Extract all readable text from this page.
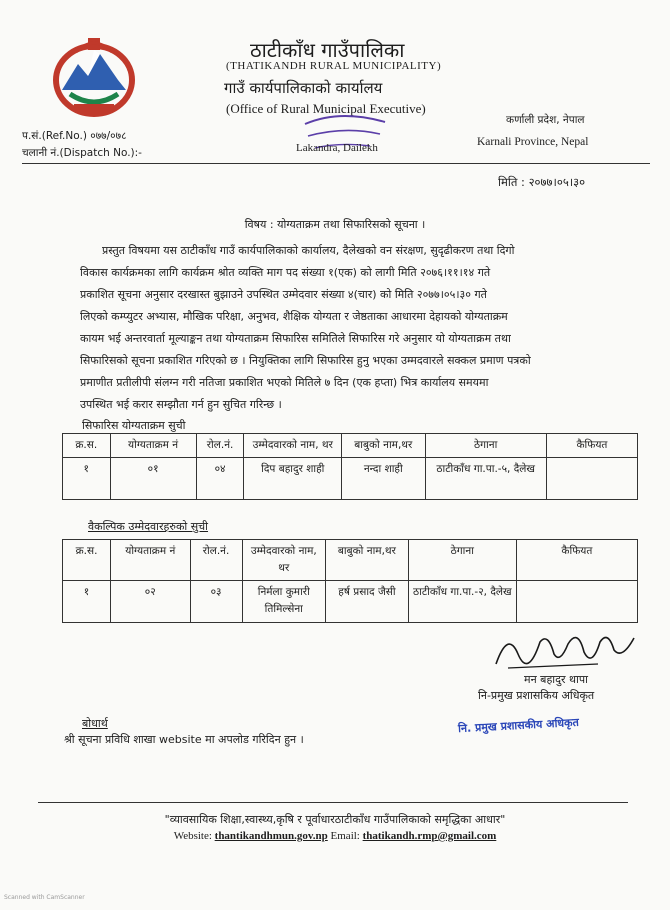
ठाटीकाँध गाउँपालिका
(THATIKANDH RURAL MUNICIPALITY)
गाउँ कार्यपालिकाको कार्यालय
(Office of Rural Municipal Executive)
Lakandra, Dailekh
कर्णाली प्रदेश, नेपाल
Karnali Province, Nepal
प.सं.(Ref.No.) ०७७/०७८
चलानी नं.(Dispatch No.):-
मिति : २०७७।०५।३०
विषय : योग्यताक्रम तथा सिफारिसको सूचना ।
प्रस्तुत विषयमा यस ठाटीकाँध गाउँ कार्यपालिकाको कार्यालय, दैलेखको वन संरक्षण, सुदृढीकरण तथा दिगो
विकास कार्यक्रमका लागि कार्यक्रम श्रोत व्यक्ति माग पद संख्या १(एक) को लागी मिति २०७६।११।१४ गते
प्रकाशित सूचना अनुसार दरखास्त बुझाउने उपस्थित उम्मेदवार संख्या ४(चार) को मिति २०७७।०५।३० गते
लिएको कम्प्युटर अभ्यास, मौखिक परिक्षा, अनुभव, शैक्षिक योग्यता र जेष्ठताका आधारमा देहायको योग्यताक्रम
कायम भई अन्तरवार्ता मूल्याङ्कन तथा योग्यताक्रम सिफारिस समितिले सिफारिस गरे अनुसार यो योग्यताक्रम तथा
सिफारिसको सूचना प्रकाशित गरिएको छ । नियुक्तिका लागि सिफारिस हुनु भएका उम्मदवारले सक्कल प्रमाण पत्रको
प्रमाणीत प्रतीलीपी संलग्न गरी नतिजा प्रकाशित भएको मितिले ७ दिन (एक हप्ता) भित्र कार्यालय समयमा
उपस्थित भई करार सम्झौता गर्न हुन सुचित गरिन्छ ।
सिफारिस योग्यताक्रम सुची
क्र.स.	योग्यताक्रम नं	रोल.नं.	उम्मेदवारको नाम, थर	बाबुको नाम,थर	ठेगाना	कैफियत
१	०१	०४	दिप बहादुर शाही	नन्दा शाही	ठाटीकाँध गा.पा.-५, दैलेख	
वैकल्पिक उम्मेदवारहरुको सुची
क्र.स.	योग्यताक्रम नं	रोल.नं.	उम्मेदवारको नाम, थर	बाबुको नाम,थर	ठेगाना	कैफियत
१	०२	०३	निर्मला कुमारी तिमिल्सेना	हर्ष प्रसाद जैसी	ठाटीकाँध गा.पा.-२, दैलेख	
मन बहादुर थापा
नि-प्रमुख प्रशासकिय अधिकृत
नि. प्रमुख प्रशासकीय अधिकृत
बोधार्थ
श्री सूचना प्रविधि शाखा website मा अपलोड गरिदिन हुन ।
"व्यावसायिक शिक्षा,स्वास्थ्य,कृषि र पूर्वाधारठाटीकाँध गाउँपालिकाको समृद्धिका आधार"
Website: thantikandhmun.gov.np Email: thatikandh.rmp@gmail.com
Scanned with CamScanner
